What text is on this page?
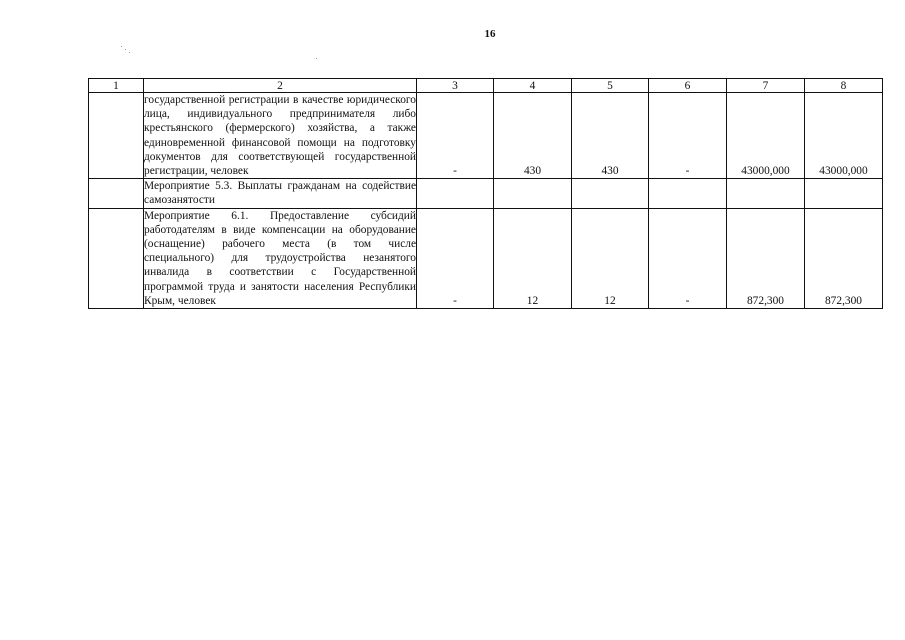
16
1	2	3	4	5	6	7	8
	государственной регистрации в качестве юридического лица, индивидуального предпринимателя либо крестьянского (фермерского) хозяйства, а также единовременной финансовой помощи на подготовку документов для соответствующей государственной регистрации, человек	-	430	430	-	43000,000	43000,000
	Мероприятие 5.3. Выплаты гражданам на содействие самозанятости						
	Мероприятие 6.1. Предоставление субсидий работодателям в виде компенсации на оборудование (оснащение) рабочего места (в том числе специального) для трудоустройства незанятого инвалида в соответствии с Государственной программой труда и занятости населения Республики Крым, человек	-	12	12	-	872,300	872,300
